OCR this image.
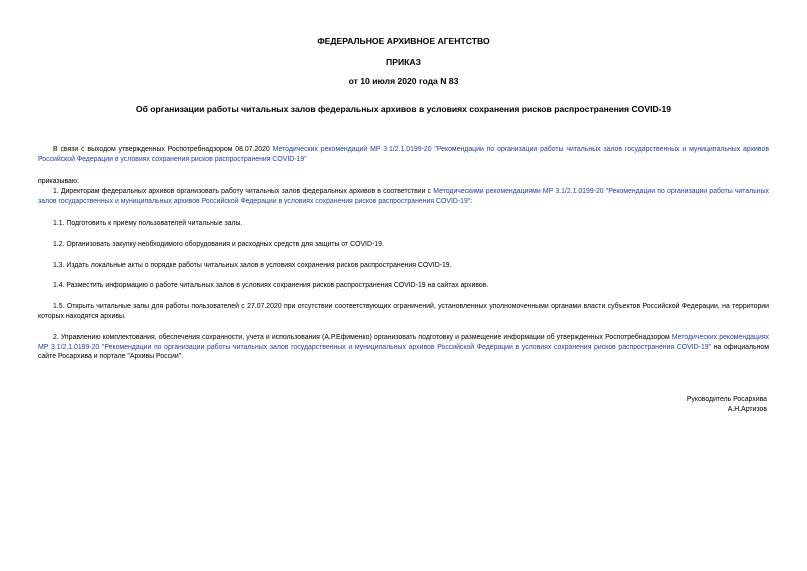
ФЕДЕРАЛЬНОЕ АРХИВНОЕ АГЕНТСТВО
ПРИКАЗ
от 10 июля 2020 года N 83
Об организации работы читальных залов федеральных архивов в условиях сохранения рисков распространения COVID-19
В связи с выходом утвержденных Роспотребнадзором 08.07.2020 Методических рекомендаций МР 3.1/2.1.0199-20 "Рекомендации по организации работы читальных залов государственных и муниципальных архивов Российской Федерации в условиях сохранения рисков распространения COVID-19"
приказываю:
1. Директорам федеральных архивов организовать работу читальных залов федеральных архивов в соответствии с Методическими рекомендациями МР 3.1/2.1.0199-20 "Рекомендации по организации работы читальных залов государственных и муниципальных архивов Российской Федерации в условиях сохранения рисков распространения COVID-19":
1.1. Подготовить к приему пользователей читальные залы.
1.2. Организовать закупку необходимого оборудования и расходных средств для защиты от COVID-19.
1.3. Издать локальные акты о порядке работы читальных залов в условиях сохранения рисков распространения COVID-19.
1.4. Разместить информацию о работе читальных залов в условиях сохранения рисков распространения COVID-19 на сайтах архивов.
1.5. Открыть читальные залы для работы пользователей с 27.07.2020 при отсутствии соответствующих ограничений, установленных уполномоченными органами власти субъектов Российской Федерации, на территории которых находятся архивы.
2. Управлению комплектования, обеспечения сохранности, учета и использования (А.Р.Ефименко) организовать подготовку и размещение информации об утвержденных Роспотребнадзором Методических рекомендациях МР 3.1/2.1.0199-20 "Рекомендации по организации работы читальных залов государственных и муниципальных архивов Российской Федерации в условиях сохранения рисков распространения COVID-19" на официальном сайте Росархива и портале "Архивы России".
Руководитель Росархива
А.Н.Артизов
